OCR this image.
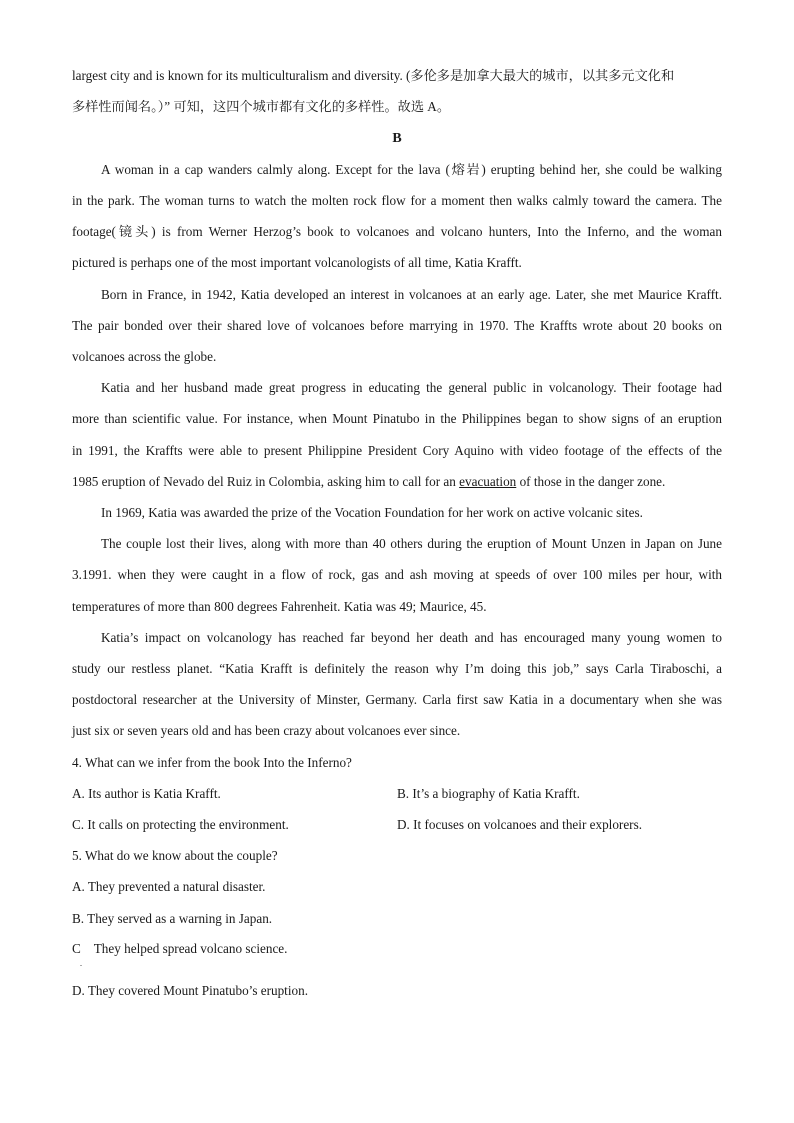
largest city and is known for its multiculturalism and diversity. (多伦多是加拿大最大的城市，以其多元文化和
多样性而闻名。）” 可知，这四个城市都有文化的多样性。故选 A。
B
A woman in a cap wanders calmly along. Except for the lava (熔岩) erupting behind her, she could be walking
in the park. The woman turns to watch the molten rock flow for a moment then walks calmly toward the camera. The
footage(镜头) is from Werner Herzog’s book to volcanoes and volcano hunters, Into the Inferno, and the woman
pictured is perhaps one of the most important volcanologists of all time, Katia Krafft.
Born in France, in 1942, Katia developed an interest in volcanoes at an early age. Later, she met Maurice Krafft.
The pair bonded over their shared love of volcanoes before marrying in 1970. The Kraffts wrote about 20 books on
volcanoes across the globe.
Katia and her husband made great progress in educating the general public in volcanology. Their footage had
more than scientific value. For instance, when Mount Pinatubo in the Philippines began to show signs of an eruption
in 1991, the Kraffts were able to present Philippine President Cory Aquino with video footage of the effects of the
1985 eruption of Nevado del Ruiz in Colombia, asking him to call for an evacuation of those in the danger zone.
In 1969, Katia was awarded the prize of the Vocation Foundation for her work on active volcanic sites.
The couple lost their lives, along with more than 40 others during the eruption of Mount Unzen in Japan on June
3.1991. when they were caught in a flow of rock, gas and ash moving at speeds of over 100 miles per hour, with
temperatures of more than 800 degrees Fahrenheit. Katia was 49; Maurice, 45.
Katia’s impact on volcanology has reached far beyond her death and has encouraged many young women to
study our restless planet. “Katia Krafft is definitely the reason why I’m doing this job,” says Carla Tiraboschi, a
postdoctoral researcher at the University of Minster, Germany. Carla first saw Katia in a documentary when she was
just six or seven years old and has been crazy about volcanoes ever since.
4. What can we infer from the book Into the Inferno?
A. Its author is Katia Krafft.	B. It’s a biography of Katia Krafft.
C. It calls on protecting the environment.	D. It focuses on volcanoes and their explorers.
5. What do we know about the couple?
A. They prevented a natural disaster.
B. They served as a warning in Japan.
C    They helped spread volcano science.
.
D. They covered Mount Pinatubo’s eruption.
